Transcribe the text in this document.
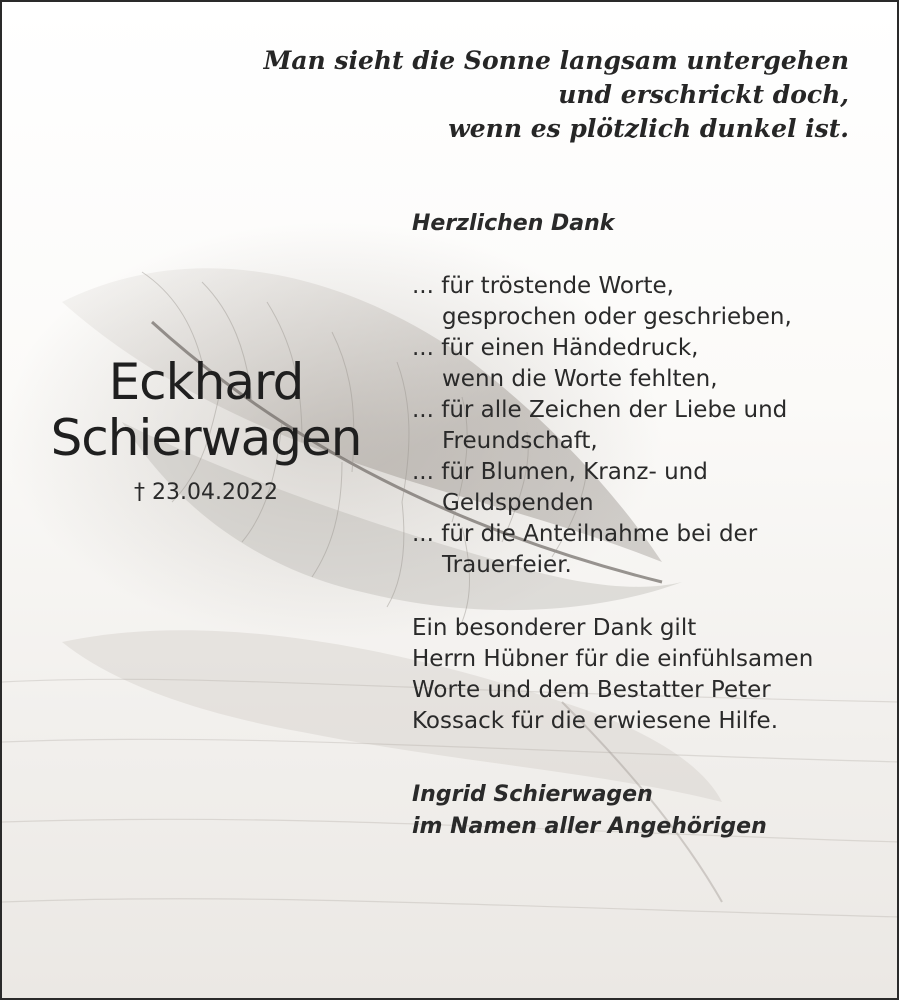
Man sieht die Sonne langsam untergehen
und erschrickt doch,
wenn es plötzlich dunkel ist.
Eckhard
Schierwagen
† 23.04.2022
Herzlichen Dank
... für tröstende Worte,
gesprochen oder geschrieben,
... für einen Händedruck,
wenn die Worte fehlten,
... für alle Zeichen der Liebe und
Freundschaft,
... für Blumen, Kranz- und
Geldspenden
... für die Anteilnahme bei der
Trauerfeier.
Ein besonderer Dank gilt
Herrn Hübner für die einfühlsamen
Worte und dem Bestatter Peter
Kossack für die erwiesene Hilfe.
Ingrid Schierwagen
im Namen aller Angehörigen
